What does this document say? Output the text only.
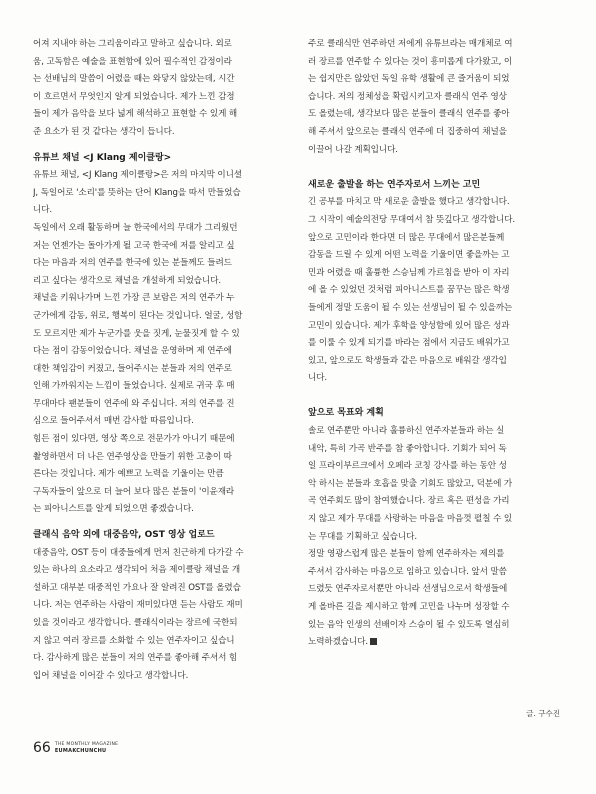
어져 지내야 하는 그리움이라고 말하고 싶습니다. 외로
움, 고독함은 예술을 표현함에 있어 필수적인 감정이라
는 선배님의 말씀이 어렸을 때는 와닿지 않았는데, 시간
이 흐르면서 무엇인지 알게 되었습니다. 제가 느낀 감정
들이 제가 음악을 보다 넓게 해석하고 표현할 수 있게 해
준 요소가 된 것 같다는 생각이 듭니다.
유튜브 채널 <J Klang 제이클랑>
유튜브 채널, <J Klang 제이클랑>은 저의 마지막 이니셜
J, 독일어로 '소리'를 뜻하는 단어 Klang을 따서 만들었습
니다.
독일에서 오래 활동하며 늘 한국에서의 무대가 그리웠던
저는 언젠가는 돌아가게 될 고국 한국에 저를 알리고 싶
다는 마음과 저의 연주를 한국에 있는 분들께도 들려드
리고 싶다는 생각으로 채널을 개설하게 되었습니다.
채널을 키워나가며 느낀 가장 큰 보람은 저의 연주가 누
군가에게 감동, 위로, 행복이 된다는 것입니다. 얼굴, 성함
도 모르지만 제가 누군가를 웃을 짓게, 눈물짓게 할 수 있
다는 점이 감동이었습니다. 채널을 운영하며 제 연주에
대한 책임감이 커졌고, 들어주시는 분들과 저의 연주로
인해 가까워지는 느낌이 들었습니다. 실제로 귀국 후 매
무대마다 팬분들이 연주에 와 주십니다. 저의 연주를 진
심으로 들어주셔서 매번 감사할 따름입니다.
힘든 점이 있다면, 영상 쪽으로 전문가가 아니기 때문에
촬영하면서 더 나은 연주영상을 만들기 위한 고충이 따
른다는 것입니다. 제가 예쁘고 노력을 기울이는 만큼
구독자들이 앞으로 더 늘어 보다 많은 분들이 '이윤재라
는 피아니스트를 알게 되었으면 좋겠습니다.
클래식 음악 외에 대중음악, OST 영상 업로드
대중음악, OST 등이 대중들에게 먼저 친근하게 다가갈 수
있는 하나의 요소라고 생각되어 처음 제이클랑 채널을 개
설하고 대부분 대중적인 가요나 잘 알려진 OST를 올렸습
니다. 저는 연주하는 사람이 재미있다면 듣는 사람도 재미
있을 것이라고 생각합니다. 클래식이라는 장르에 국한되
지 않고 여러 장르를 소화할 수 있는 연주자이고 싶습니
다. 감사하게 많은 분들이 저의 연주를 좋아해 주셔서 힘
입어 채널을 이어갈 수 있다고 생각합니다.
주로 클래식만 연주하던 저에게 유튜브라는 매개체로 여
러 장르를 연주할 수 있다는 것이 흥미롭게 다가왔고, 이
는 쉽지만은 않았던 독일 유학 생활에 큰 즐거움이 되었
습니다. 저의 정체성을 확립시키고자 클래식 연주 영상
도 올렸는데, 생각보다 많은 분들이 클래식 연주를 좋아
해 주셔서 앞으로는 클래식 연주에 더 집중하여 채널을
이끌어 나갈 계획입니다.
새로운 출발을 하는 연주자로서 느끼는 고민
긴 공부를 마치고 막 새로운 출발을 했다고 생각합니다.
그 시작이 예술의전당 무대여서 참 뜻깊다고 생각합니다.
앞으로 고민이라 한다면 더 많은 무대에서 많은분들께
감동을 드릴 수 있게 어떤 노력을 기울이면 좋을까는 고
민과 어렸을 때 훌륭한 스승님께 가르침을 받아 이 자리
에 올 수 있었던 것처럼 피아니스트를 꿈꾸는 많은 학생
들에게 정말 도움이 될 수 있는 선생님이 될 수 있을까는
고민이 있습니다. 제가 후학을 양성함에 있어 많은 성과
를 이룰 수 있게 되기를 바라는 점에서 지금도 배워가고
있고, 앞으로도 학생들과 같은 마음으로 배워갈 생각입
니다.
앞으로 목표와 계획
솔로 연주뿐만 아니라 훌륭하신 연주자분들과 하는 실
내악, 특히 가곡 반주를 참 좋아합니다. 기회가 되어 독
일 프라이부르크에서 오페라 코칭 강사를 하는 동안 성
악 하시는 분들과 호흡을 맞출 기회도 많았고, 덕분에 가
곡 연주회도 많이 참여했습니다. 장르 혹은 편성을 가리
지 않고 제가 무대를 사랑하는 마음을 마음껏 펼칠 수 있
는 무대를 기획하고 싶습니다.
정말 영광스럽게 많은 분들이 함께 연주하자는 제의를
주셔서 감사하는 마음으로 임하고 있습니다. 앞서 말씀
드렸듯 연주자로서뿐만 아니라 선생님으로서 학생들에
게 올바른 길을 제시하고 함께 고민을 나누며 성장할 수
있는 음악 인생의 선배이자 스승이 될 수 있도록 열심히
노력하겠습니다.
글. 구수진
66 THE MONTHLY MAGAZINE
EUMAKCHUNCHU
